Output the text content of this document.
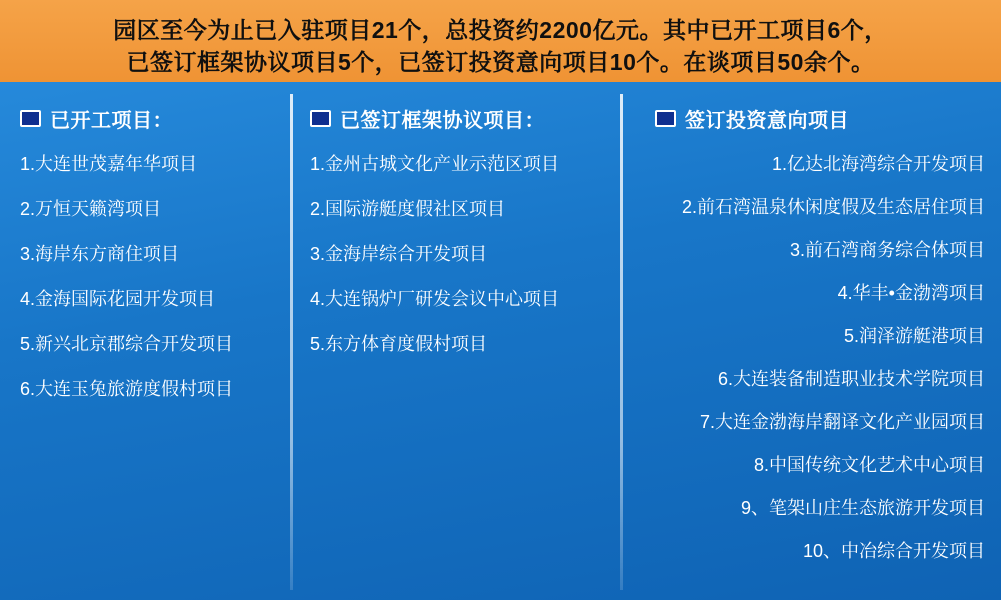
园区至今为止已入驻项目21个，总投资约2200亿元。其中已开工项目6个，
已签订框架协议项目5个，已签订投资意向项目10个。在谈项目50余个。
已开工项目：
1.大连世茂嘉年华项目
2.万恒天籁湾项目
3.海岸东方商住项目
4.金海国际花园开发项目
5.新兴北京郡综合开发项目
6.大连玉兔旅游度假村项目
已签订框架协议项目：
1.金州古城文化产业示范区项目
2.国际游艇度假社区项目
3.金海岸综合开发项目
4.大连锅炉厂研发会议中心项目
5.东方体育度假村项目
签订投资意向项目
1.亿达北海湾综合开发项目
2.前石湾温泉休闲度假及生态居住项目
3.前石湾商务综合体项目
4.华丰•金渤湾项目
5.润泽游艇港项目
6.大连装备制造职业技术学院项目
7.大连金渤海岸翻译文化产业园项目
8.中国传统文化艺术中心项目
9、笔架山庄生态旅游开发项目
10、中冶综合开发项目
